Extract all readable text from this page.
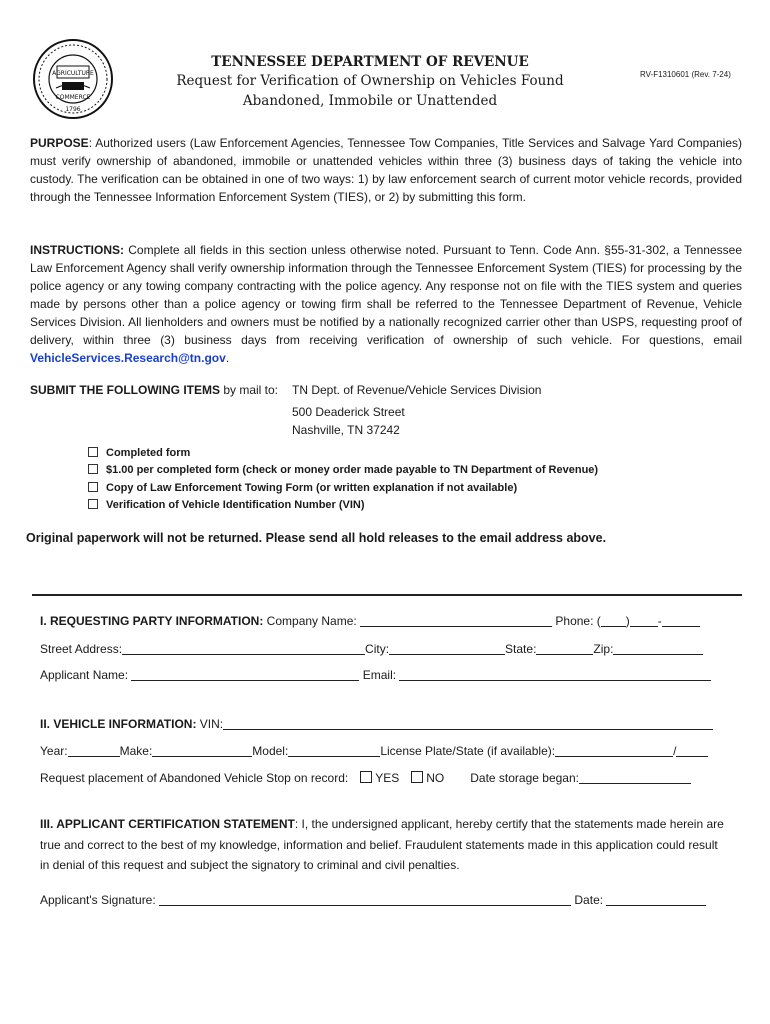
AGRICULTURE
COMMERCE
1796
TENNESSEE DEPARTMENT OF REVENUE
Request for Verification of Ownership on Vehicles Found
Abandoned, Immobile or Unattended
RV-F1310601 (Rev. 7-24)
PURPOSE: Authorized users (Law Enforcement Agencies, Tennessee Tow Companies, Title Services and Salvage Yard Companies) must verify ownership of abandoned, immobile or unattended vehicles within three (3) business days of taking the vehicle into custody. The verification can be obtained in one of two ways: 1) by law enforcement search of current motor vehicle records, provided through the Tennessee Information Enforcement System (TIES), or 2) by submitting this form.
INSTRUCTIONS: Complete all fields in this section unless otherwise noted. Pursuant to Tenn. Code Ann. §55-31-302, a Tennessee Law Enforcement Agency shall verify ownership information through the Tennessee Enforcement System (TIES) for processing by the police agency or any towing company contracting with the police agency. Any response not on file with the TIES system and queries made by persons other than a police agency or towing firm shall be referred to the Tennessee Department of Revenue, Vehicle Services Division. All lienholders and owners must be notified by a nationally recognized carrier other than USPS, requesting proof of delivery, within three (3) business days from receiving verification of ownership of such vehicle. For questions, email VehicleServices.Research@tn.gov.
SUBMIT THE FOLLOWING ITEMS by mail to: TN Dept. of Revenue/Vehicle Services Division
500 Deaderick Street
Nashville, TN 37242
Completed form
$1.00 per completed form (check or money order made payable to TN Department of Revenue)
Copy of Law Enforcement Towing Form (or written explanation if not available)
Verification of Vehicle Identification Number (VIN)
Original paperwork will not be returned. Please send all hold releases to the email address above.
I. REQUESTING PARTY INFORMATION: Company Name:	Phone: ( ) -
Street Address:	City:	State:	Zip:
Applicant Name:	Email:
II. VEHICLE INFORMATION: VIN:
Year:	Make:	Model:	License Plate/State (if available):	/
Request placement of Abandoned Vehicle Stop on record: YES NO Date storage began:
III. APPLICANT CERTIFICATION STATEMENT: I, the undersigned applicant, hereby certify that the statements made herein are true and correct to the best of my knowledge, information and belief. Fraudulent statements made in this application could result in denial of this request and subject the signatory to criminal and civil penalties.
Applicant's Signature:	Date:
